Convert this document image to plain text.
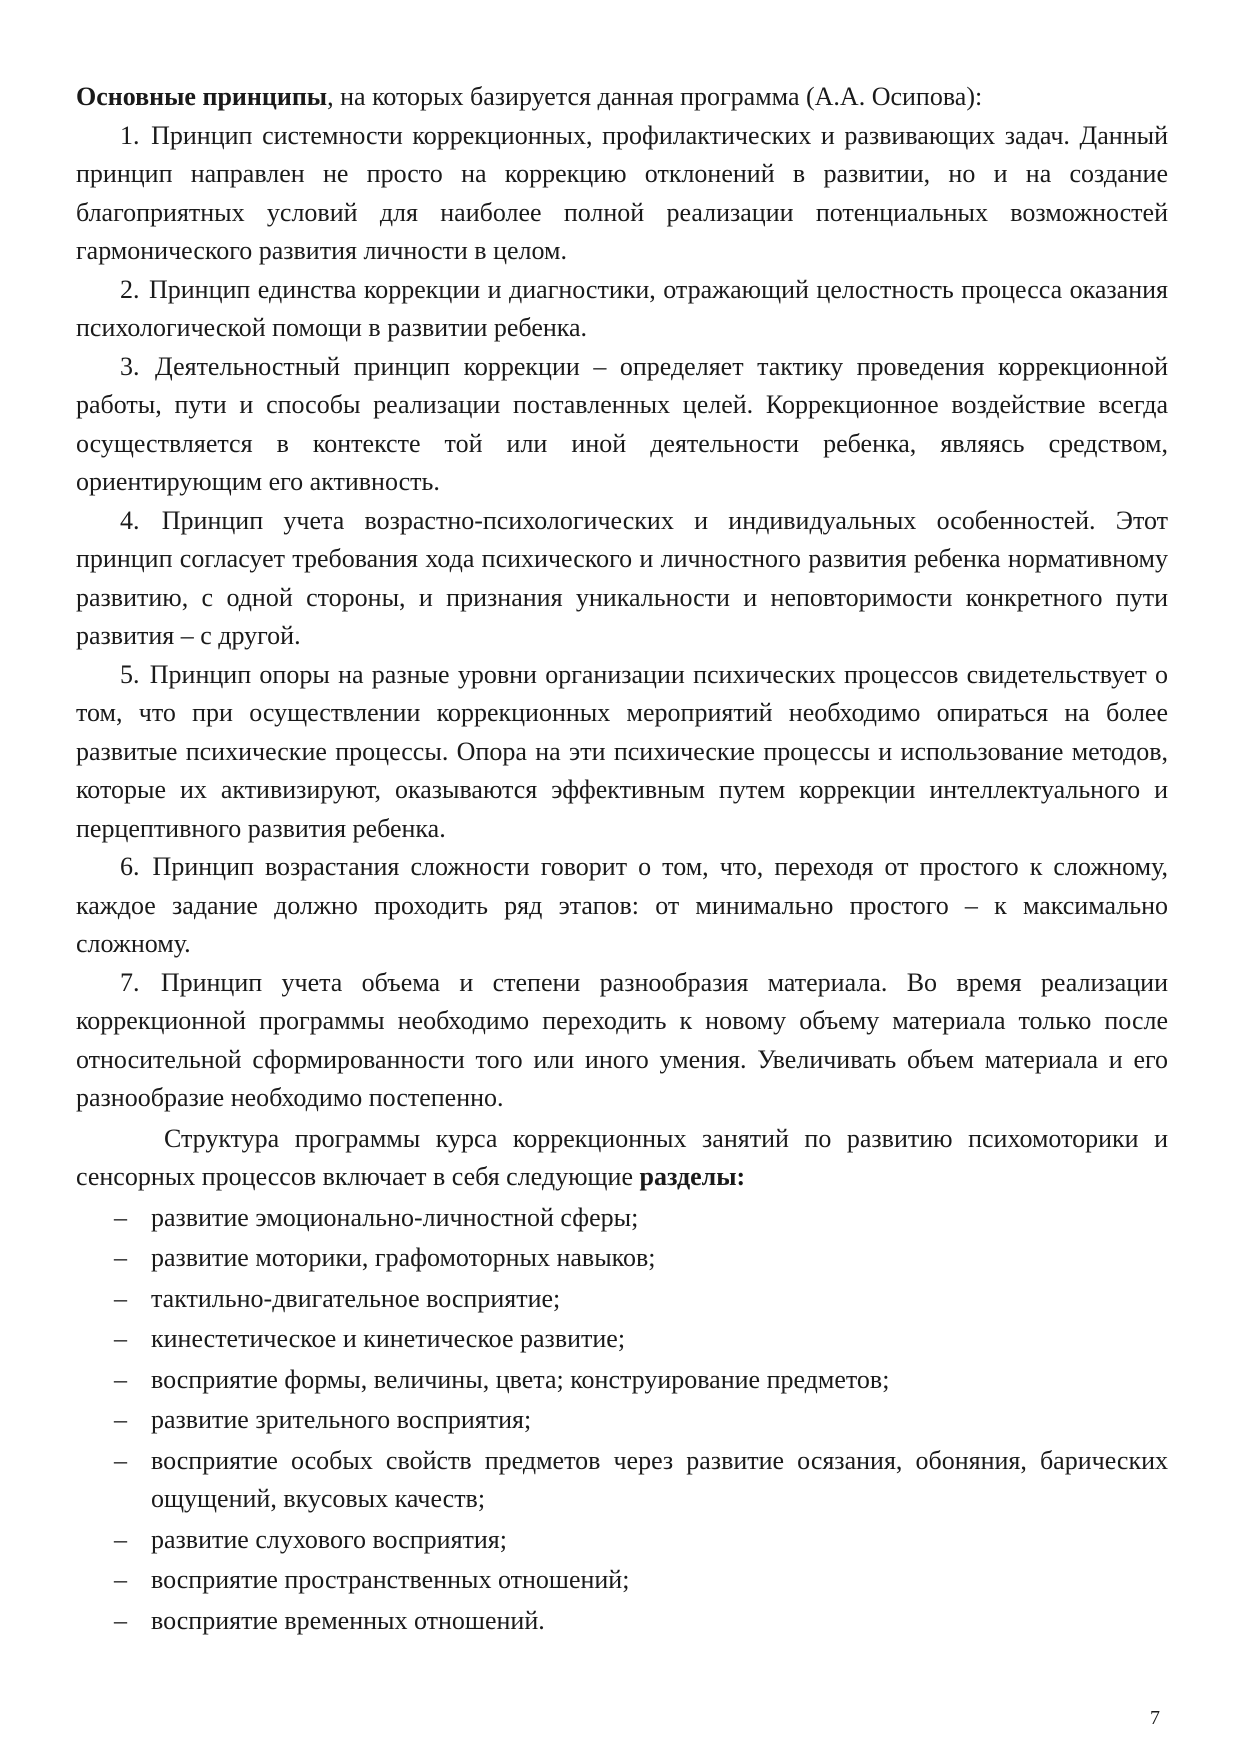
Основные принципы, на которых базируется данная программа (А.А. Осипова):

1. Принцип системности коррекционных, профилактических и развивающих задач. Данный принцип направлен не просто на коррекцию отклонений в развитии, но и на создание благоприятных условий для наиболее полной реализации потенциальных возможностей гармонического развития личности в целом.

2. Принцип единства коррекции и диагностики, отражающий целостность процесса оказания психологической помощи в развитии ребенка.

3. Деятельностный принцип коррекции – определяет тактику проведения коррекционной работы, пути и способы реализации поставленных целей. Коррекционное воздействие всегда осуществляется в контексте той или иной деятельности ребенка, являясь средством, ориентирующим его активность.

4. Принцип учета возрастно-психологических и индивидуальных особенностей. Этот принцип согласует требования хода психического и личностного развития ребенка нормативному развитию, с одной стороны, и признания уникальности и неповторимости конкретного пути развития – с другой.

5. Принцип опоры на разные уровни организации психических процессов свидетельствует о том, что при осуществлении коррекционных мероприятий необходимо опираться на более развитые психические процессы. Опора на эти психические процессы и использование методов, которые их активизируют, оказываются эффективным путем коррекции интеллектуального и перцептивного развития ребенка.

6. Принцип возрастания сложности говорит о том, что, переходя от простого к сложному, каждое задание должно проходить ряд этапов: от минимально простого – к максимально сложному.

7. Принцип учета объема и степени разнообразия материала. Во время реализации коррекционной программы необходимо переходить к новому объему материала только после относительной сформированности того или иного умения. Увеличивать объем материала и его разнообразие необходимо постепенно.

Структура программы курса коррекционных занятий по развитию психомоторики и сенсорных процессов включает в себя следующие разделы:

– развитие эмоционально-личностной сферы;
– развитие моторики, графомоторных навыков;
– тактильно-двигательное восприятие;
– кинестетическое и кинетическое развитие;
– восприятие формы, величины, цвета; конструирование предметов;
– развитие зрительного восприятия;
– восприятие особых свойств предметов через развитие осязания, обоняния, барических ощущений, вкусовых качеств;
– развитие слухового восприятия;
– восприятие пространственных отношений;
– восприятие временных отношений.
7
